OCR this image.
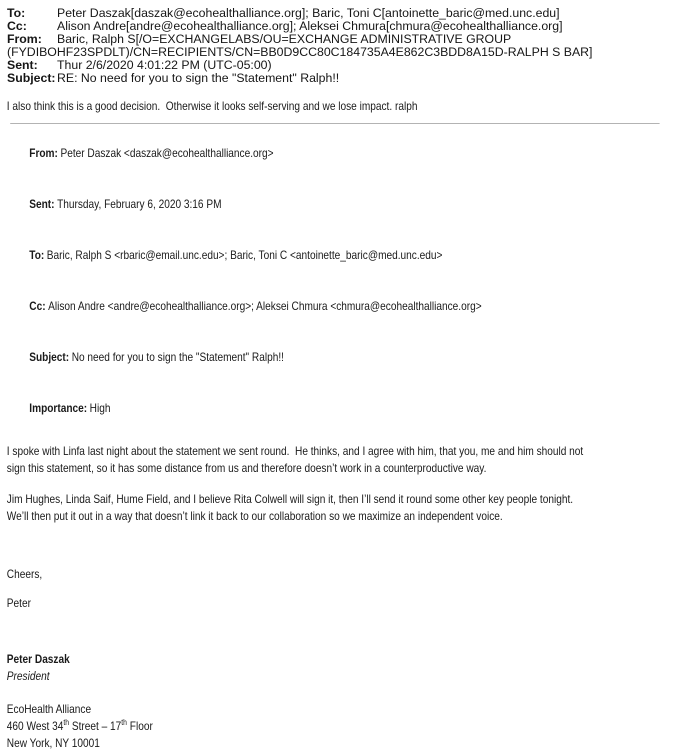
To:	Peter Daszak[daszak@ecohealthalliance.org]; Baric, Toni C[antoinette_baric@med.unc.edu]
Cc:	Alison Andre[andre@ecohealthalliance.org]; Aleksei Chmura[chmura@ecohealthalliance.org]
From:	Baric, Ralph S[/O=EXCHANGELABS/OU=EXCHANGE ADMINISTRATIVE GROUP
(FYDIBOHF23SPDLT)/CN=RECIPIENTS/CN=BB0D9CC80C184735A4E862C3BDD8A15D-RALPH S BAR]
Sent:	Thur 2/6/2020 4:01:22 PM (UTC-05:00)
Subject: RE: No need for you to sign the "Statement" Ralph!!
I also think this is a good decision.  Otherwise it looks self-serving and we lose impact. ralph

From: Peter Daszak <daszak@ecohealthalliance.org>

Sent: Thursday, February 6, 2020 3:16 PM

To: Baric, Ralph S <rbaric@email.unc.edu>; Baric, Toni C <antoinette_baric@med.unc.edu>

Cc: Alison Andre <andre@ecohealthalliance.org>; Aleksei Chmura <chmura@ecohealthalliance.org>

Subject: No need for you to sign the "Statement" Ralph!!

Importance: High

I spoke with Linfa last night about the statement we sent round.  He thinks, and I agree with him, that you, me and him should not
sign this statement, so it has some distance from us and therefore doesn’t work in a counterproductive way.

Jim Hughes, Linda Saif, Hume Field, and I believe Rita Colwell will sign it, then I’ll send it round some other key people tonight.
We’ll then put it out in a way that doesn’t link it back to our collaboration so we maximize an independent voice.

Cheers,
Peter
Peter Daszak
President
EcoHealth Alliance
460 West 34th Street – 17th Floor
New York, NY 10001
